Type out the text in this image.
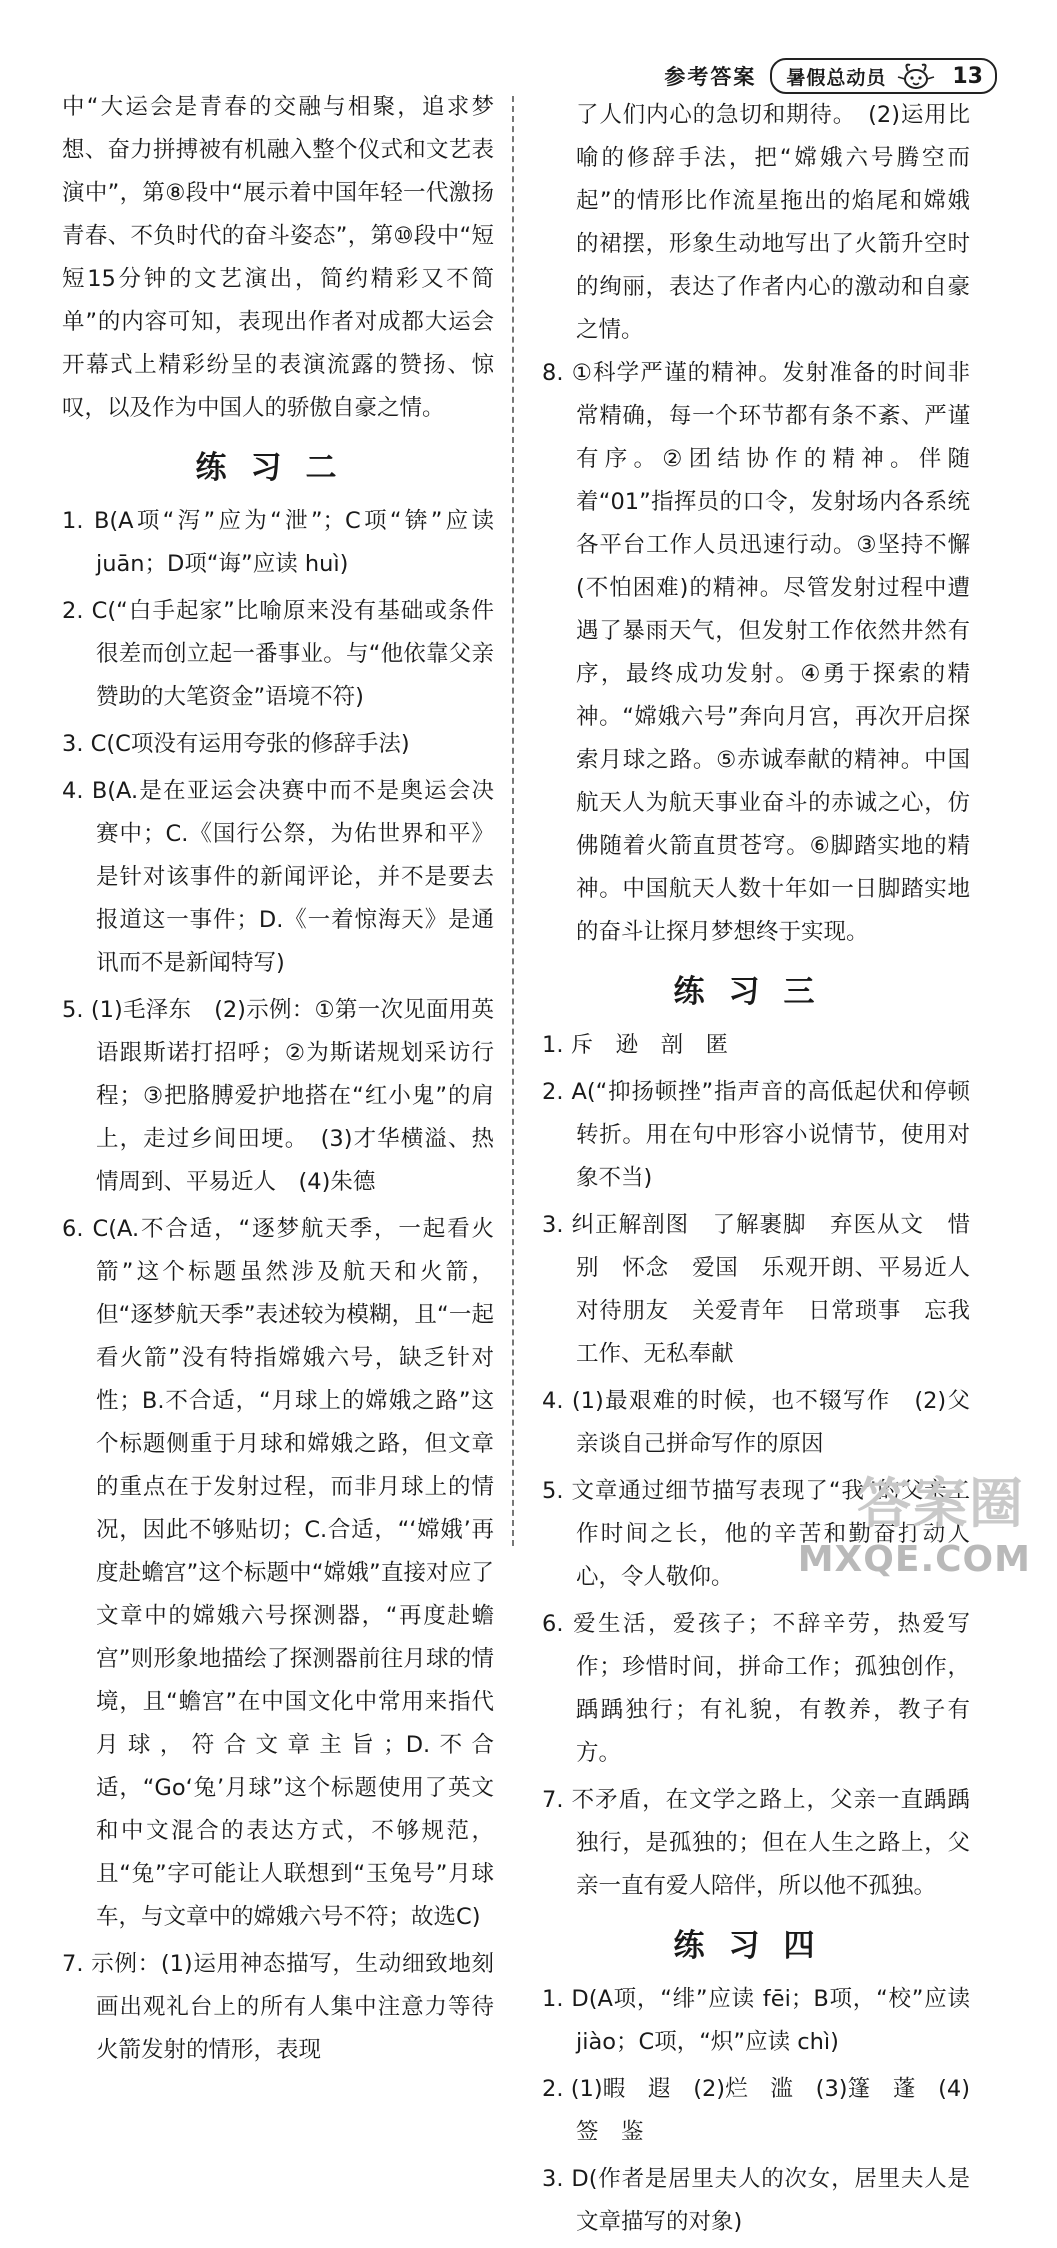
参考答案 暑假总动员	13

中“大运会是青春的交融与相聚，追求梦想、奋力拼搏被有机融入整个仪式和文艺表演中”，第⑧段中“展示着中国年轻一代激扬青春、不负时代的奋斗姿态”，第⑩段中“短短15分钟的文艺演出，简约精彩又不简单”的内容可知，表现出作者对成都大运会开幕式上精彩纷呈的表演流露的赞扬、惊叹，以及作为中国人的骄傲自豪之情。

练习二

1. B(A项“泻”应为“泄”；C项“锛”应读 juān；D项“诲”应读 huì)

2. C(“白手起家”比喻原来没有基础或条件很差而创立起一番事业。与“他依靠父亲赞助的大笔资金”语境不符)

3. C(C项没有运用夸张的修辞手法)

4. B(A.是在亚运会决赛中而不是奥运会决赛中；C.《国行公祭，为佑世界和平》是针对该事件的新闻评论，并不是要去报道这一事件；D.《一着惊海天》是通讯而不是新闻特写)

5. (1)毛泽东　(2)示例：①第一次见面用英语跟斯诺打招呼；②为斯诺规划采访行程；③把胳膊爱护地搭在“红小鬼”的肩上，走过乡间田埂。　(3)才华横溢、热情周到、平易近人　(4)朱德

6. C(A.不合适，“逐梦航天季，一起看火箭”这个标题虽然涉及航天和火箭，但“逐梦航天季”表述较为模糊，且“一起看火箭”没有特指嫦娥六号，缺乏针对性；B.不合适，“月球上的嫦娥之路”这个标题侧重于月球和嫦娥之路，但文章的重点在于发射过程，而非月球上的情况，因此不够贴切；C.合适，“‘嫦娥’再度赴蟾宫”这个标题中“嫦娥”直接对应了文章中的嫦娥六号探测器，“再度赴蟾宫”则形象地描绘了探测器前往月球的情境，且“蟾宫”在中国文化中常用来指代月球，符合文章主旨；D.不合适，“Go‘兔’月球”这个标题使用了英文和中文混合的表达方式，不够规范，且“兔”字可能让人联想到“玉兔号”月球车，与文章中的嫦娥六号不符；故选C)

7. 示例：(1)运用神态描写，生动细致地刻画出观礼台上的所有人集中注意力等待火箭发射的情形，表现

了人们内心的急切和期待。　(2)运用比喻的修辞手法，把“嫦娥六号腾空而起”的情形比作流星拖出的焰尾和嫦娥的裙摆，形象生动地写出了火箭升空时的绚丽，表达了作者内心的激动和自豪之情。

8. ①科学严谨的精神。发射准备的时间非常精确，每一个环节都有条不紊、严谨有序。②团结协作的精神。伴随着“01”指挥员的口令，发射场内各系统各平台工作人员迅速行动。③坚持不懈(不怕困难)的精神。尽管发射过程中遭遇了暴雨天气，但发射工作依然井然有序，最终成功发射。④勇于探索的精神。“嫦娥六号”奔向月宫，再次开启探索月球之路。⑤赤诚奉献的精神。中国航天人为航天事业奋斗的赤诚之心，仿佛随着火箭直贯苍穹。⑥脚踏实地的精神。中国航天人数十年如一日脚踏实地的奋斗让探月梦想终于实现。

练习三

1. 斥　逊　剖　匿

2. A(“抑扬顿挫”指声音的高低起伏和停顿转折。用在句中形容小说情节，使用对象不当)

3. 纠正解剖图　了解裹脚　弃医从文　惜别　怀念　爱国　乐观开朗、平易近人　对待朋友　关爱青年　日常琐事　忘我工作、无私奉献

4. (1)最艰难的时候，也不辍写作　(2)父亲谈自己拼命写作的原因

5. 文章通过细节描写表现了“我”的父亲工作时间之长，他的辛苦和勤奋打动人心，令人敬仰。

6. 爱生活，爱孩子；不辞辛劳，热爱写作；珍惜时间，拼命工作；孤独创作，踽踽独行；有礼貌，有教养，教子有方。

7. 不矛盾，在文学之路上，父亲一直踽踽独行，是孤独的；但在人生之路上，父亲一直有爱人陪伴，所以他不孤独。

练习四

1. D(A项，“绯”应读 fēi；B项，“校”应读 jiào；C项，“炽”应读 chì)

2. (1)暇　遐　(2)烂　滥　(3)篷　蓬　(4)签　鉴

3. D(作者是居里夫人的次女，居里夫人是文章描写的对象)

答案圈
MXQE.COM
